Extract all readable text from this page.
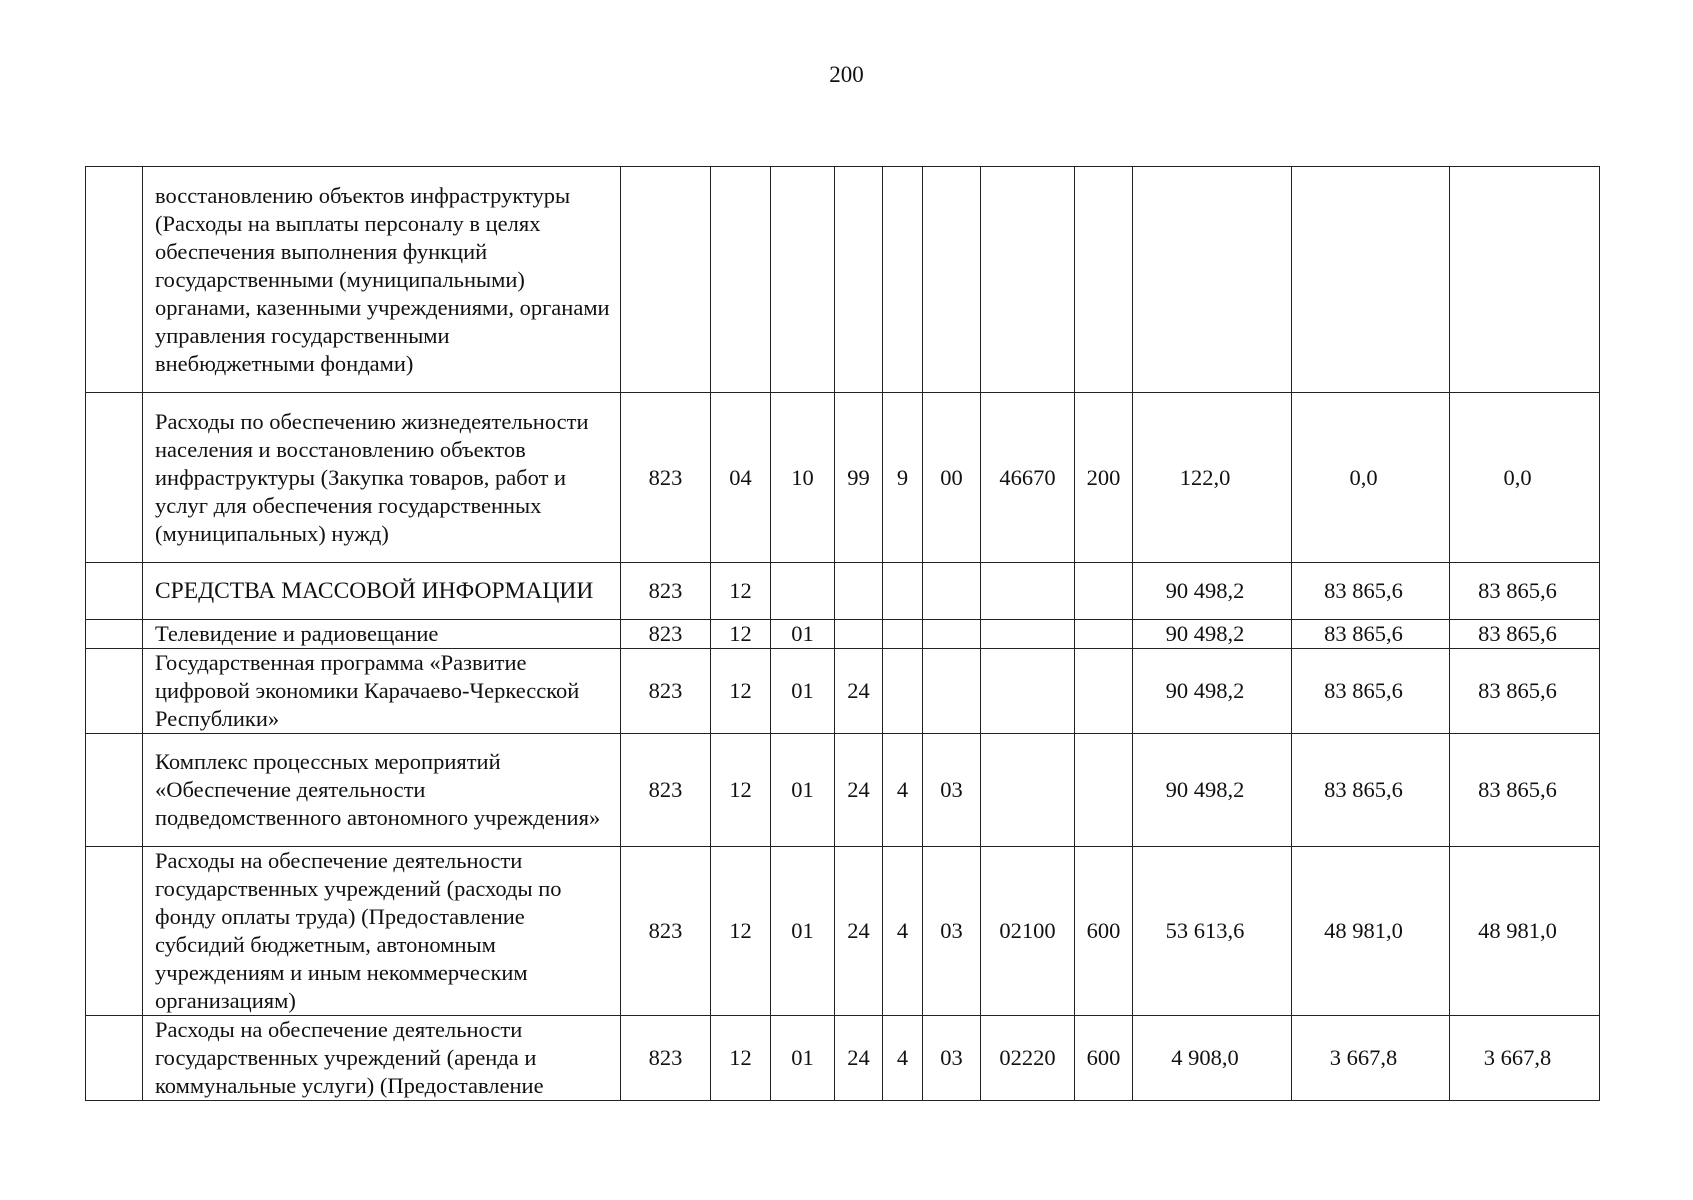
200
	восстановлению объектов инфраструктуры (Расходы на выплаты персоналу в целях обеспечения выполнения функций государственными (муниципальными) органами, казенными учреждениями, органами управления государственными внебюджетными фондами)											
	Расходы по обеспечению жизнедеятельности населения и восстановлению объектов инфраструктуры (Закупка товаров, работ и услуг для обеспечения государственных (муниципальных) нужд)	823	04	10	99	9	00	46670	200	122,0	0,0	0,0
	СРЕДСТВА МАССОВОЙ ИНФОРМАЦИИ	823	12							90 498,2	83 865,6	83 865,6
	Телевидение и радиовещание	823	12	01						90 498,2	83 865,6	83 865,6
	Государственная программа «Развитие цифровой экономики Карачаево-Черкесской Республики»	823	12	01	24					90 498,2	83 865,6	83 865,6
	Комплекс процессных мероприятий «Обеспечение деятельности подведомственного автономного учреждения»	823	12	01	24	4	03			90 498,2	83 865,6	83 865,6
	Расходы на обеспечение деятельности государственных учреждений (расходы по фонду оплаты труда) (Предоставление субсидий бюджетным, автономным учреждениям и иным некоммерческим организациям)	823	12	01	24	4	03	02100	600	53 613,6	48 981,0	48 981,0
	Расходы на обеспечение деятельности государственных учреждений (аренда и коммунальные услуги) (Предоставление	823	12	01	24	4	03	02220	600	4 908,0	3 667,8	3 667,8
